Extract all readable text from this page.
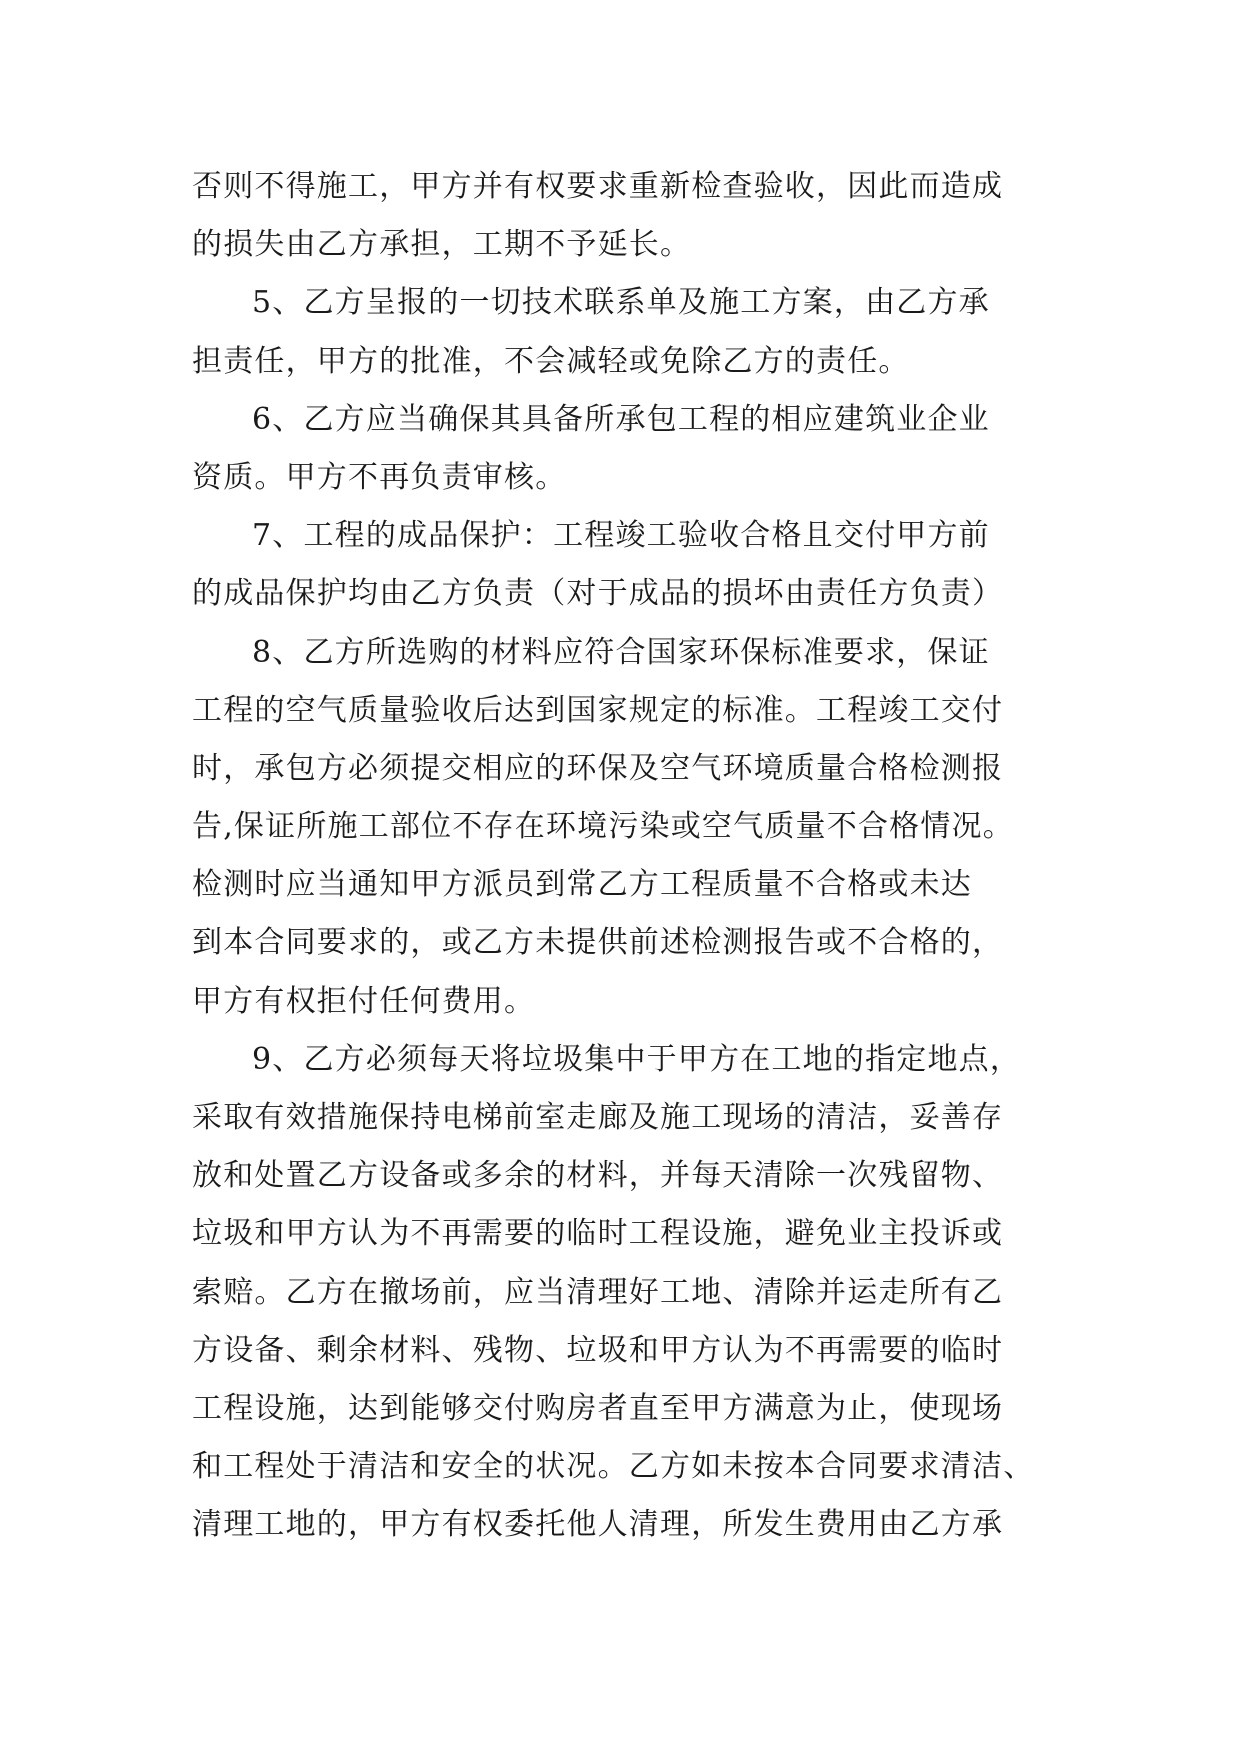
否则不得施工，甲方并有权要求重新检查验收，因此而造成
的损失由乙方承担，工期不予延长。
5、乙方呈报的一切技术联系单及施工方案，由乙方承
担责任，甲方的批准，不会减轻或免除乙方的责任。
6、乙方应当确保其具备所承包工程的相应建筑业企业
资质。甲方不再负责审核。
7、工程的成品保护：工程竣工验收合格且交付甲方前
的成品保护均由乙方负责（对于成品的损坏由责任方负责）
8、乙方所选购的材料应符合国家环保标准要求，保证
工程的空气质量验收后达到国家规定的标准。工程竣工交付
时，承包方必须提交相应的环保及空气环境质量合格检测报
告,保证所施工部位不存在环境污染或空气质量不合格情况。
检测时应当通知甲方派员到常乙方工程质量不合格或未达
到本合同要求的，或乙方未提供前述检测报告或不合格的，
甲方有权拒付任何费用。
9、乙方必须每天将垃圾集中于甲方在工地的指定地点，
采取有效措施保持电梯前室走廊及施工现场的清洁，妥善存
放和处置乙方设备或多余的材料，并每天清除一次残留物、
垃圾和甲方认为不再需要的临时工程设施，避免业主投诉或
索赔。乙方在撤场前，应当清理好工地、清除并运走所有乙
方设备、剩余材料、残物、垃圾和甲方认为不再需要的临时
工程设施，达到能够交付购房者直至甲方满意为止，使现场
和工程处于清洁和安全的状况。乙方如未按本合同要求清洁、
清理工地的，甲方有权委托他人清理，所发生费用由乙方承
